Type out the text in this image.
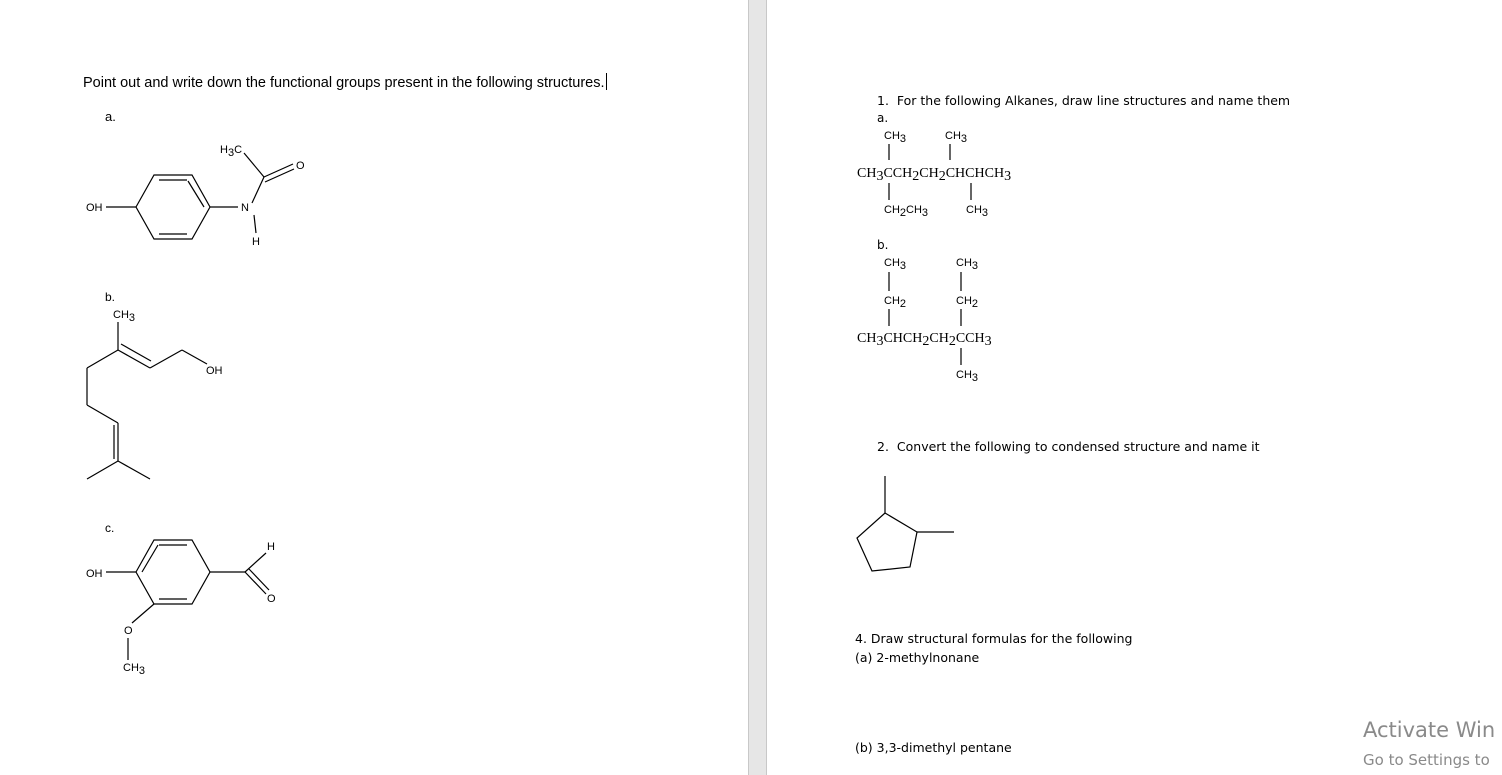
Point out and write down the functional groups present in the following structures.
a.
OH	N
H
H3C
O
b.
CH3
OH
c.
OH
H
O
O
CH3
1. For the following Alkanes, draw line structures and name them
a.
CH3	CH3
CH3CCH2CH2CHCHCH3
CH2CH3	CH3
b.
CH3	CH3
CH2	CH2
CH3CHCH2CH2CCH3
CH3
2. Convert the following to condensed structure and name it
4. Draw structural formulas for the following
(a) 2-methylnonane
(b) 3,3-dimethyl pentane
Activate Win
Go to Settings to
